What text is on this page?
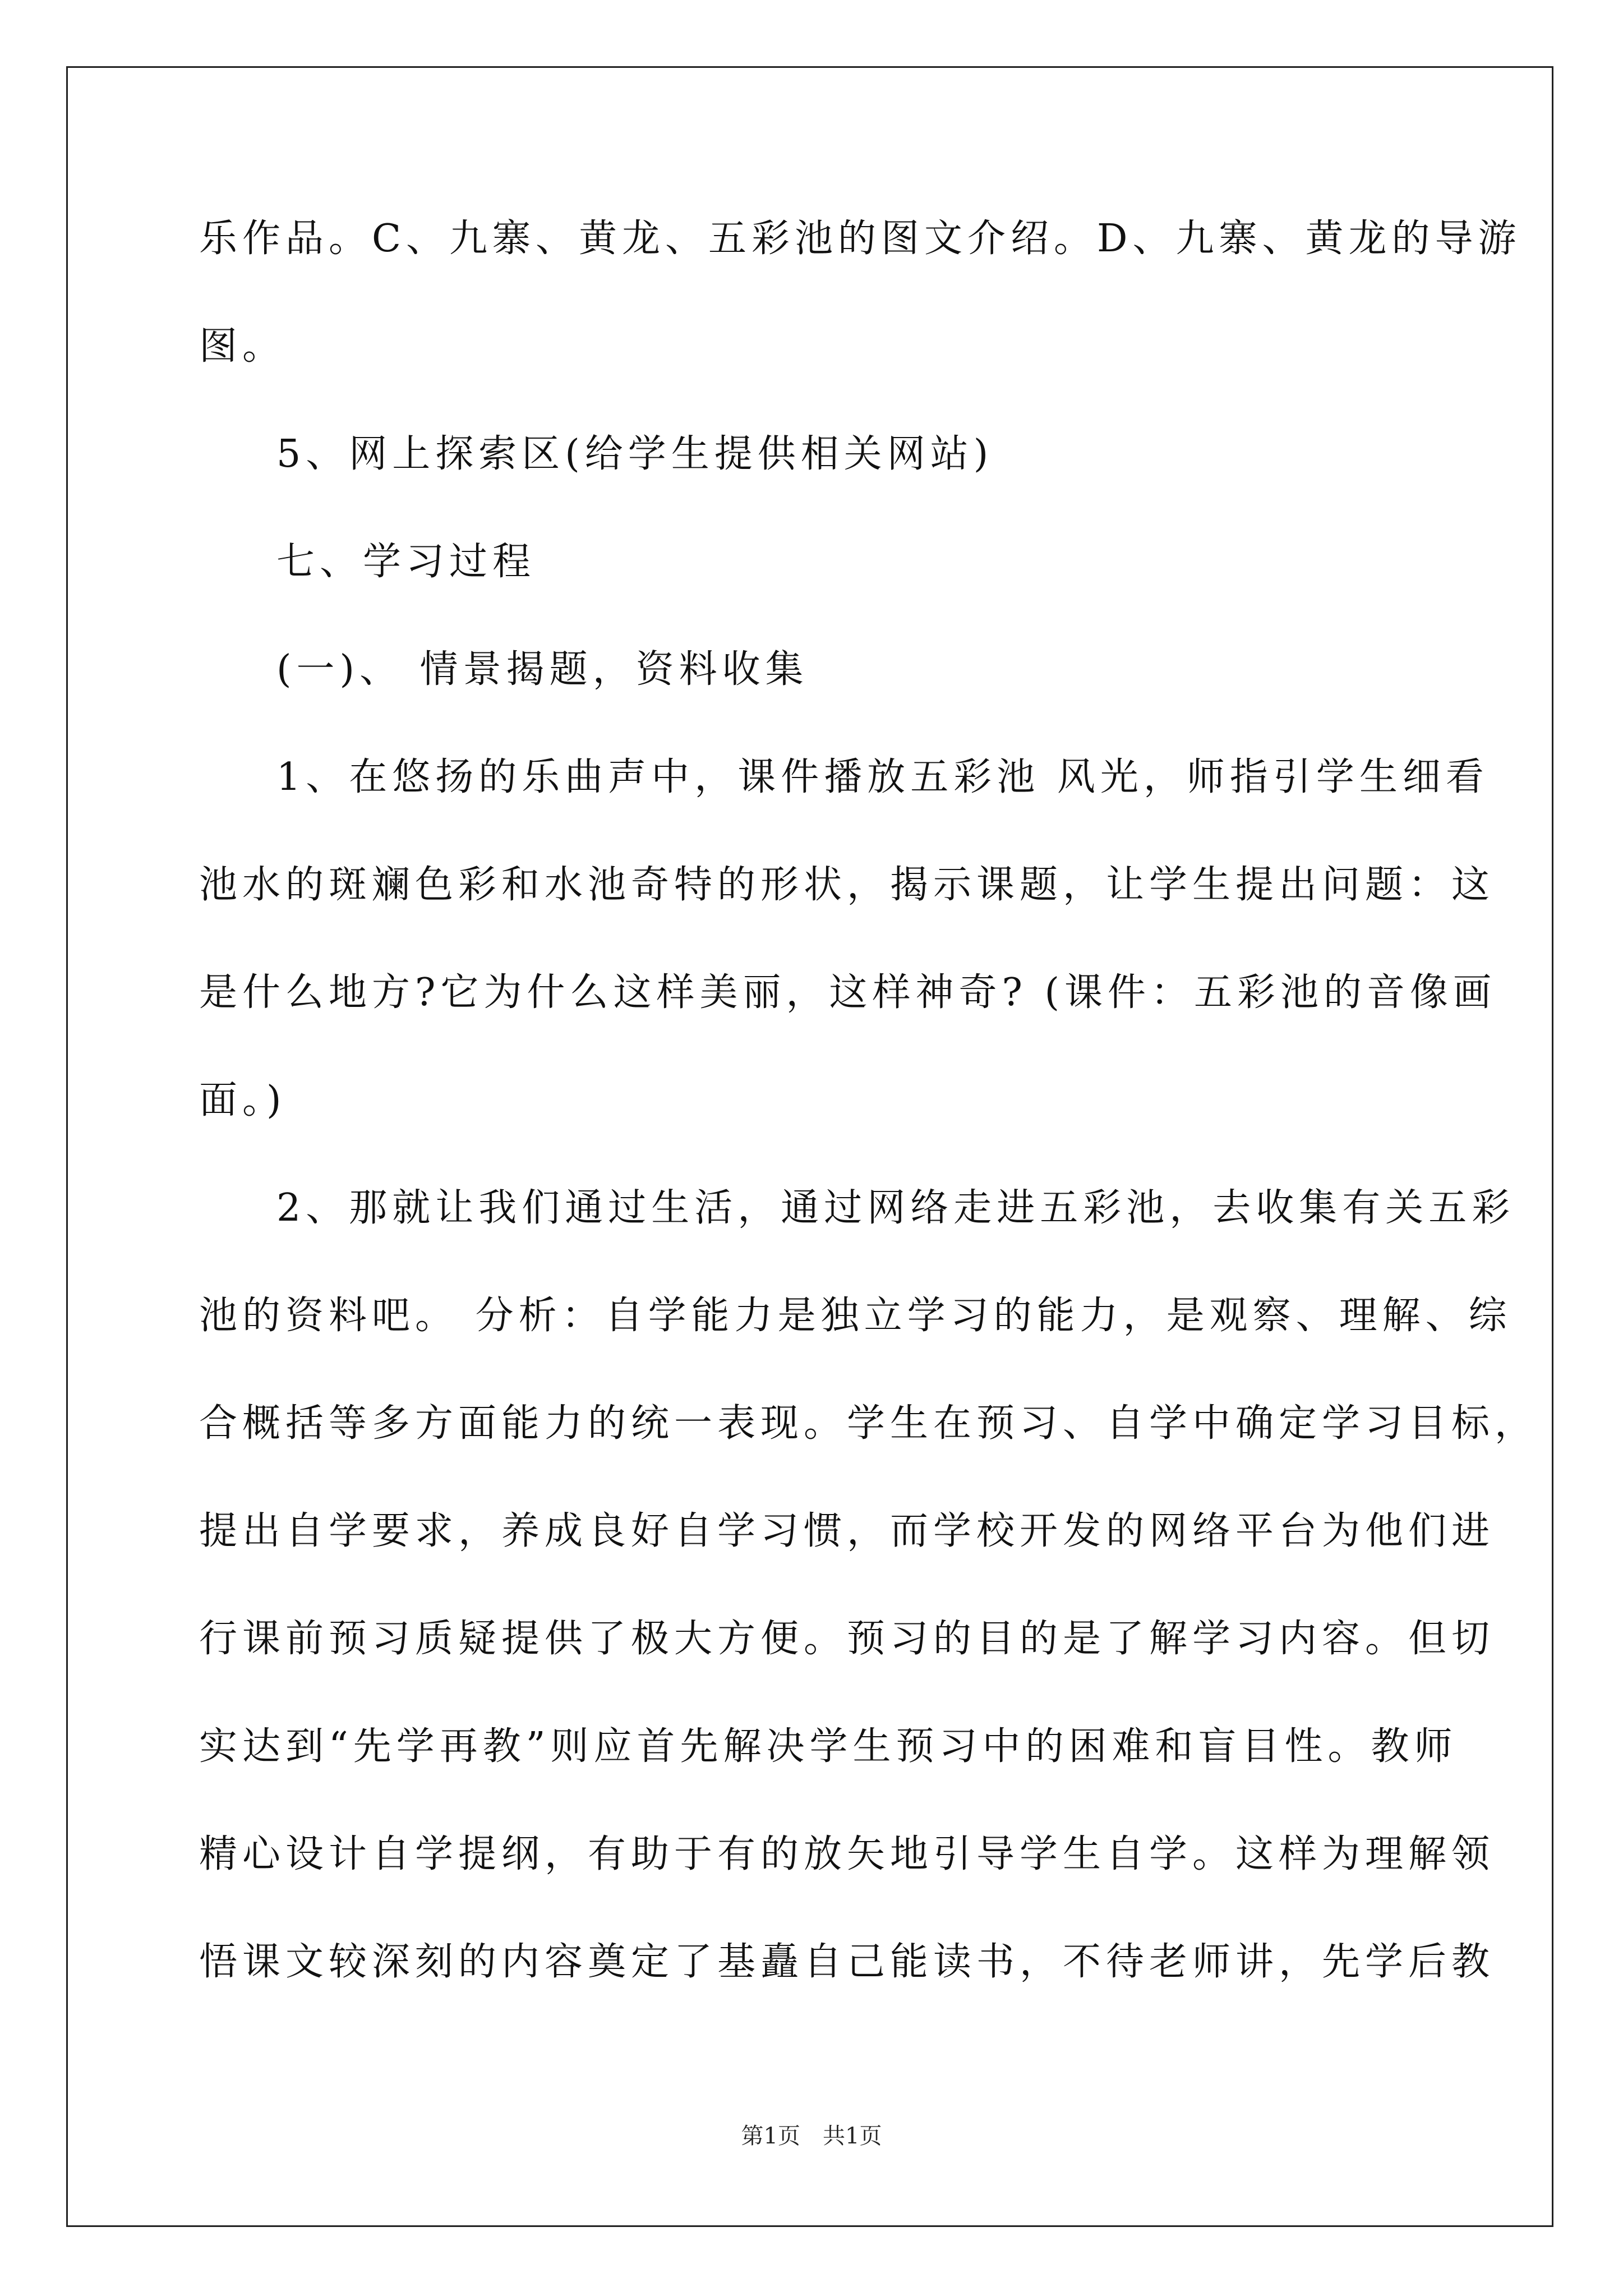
乐作品。C、九寨、黄龙、五彩池的图文介绍。D、九寨、黄龙的导游
图。
5、网上探索区(给学生提供相关网站)
七、学习过程
(一)、 情景揭题，资料收集
1、在悠扬的乐曲声中，课件播放五彩池 风光，师指引学生细看
池水的斑斓色彩和水池奇特的形状，揭示课题，让学生提出问题：这
是什么地方?它为什么这样美丽，这样神奇? (课件：五彩池的音像画
面。)
2、那就让我们通过生活，通过网络走进五彩池，去收集有关五彩
池的资料吧。 分析：自学能力是独立学习的能力，是观察、理解、综
合概括等多方面能力的统一表现。学生在预习、自学中确定学习目标，
提出自学要求，养成良好自学习惯，而学校开发的网络平台为他们进
行课前预习质疑提供了极大方便。预习的目的是了解学习内容。但切
实达到“先学再教”则应首先解决学生预习中的困难和盲目性。教师
精心设计自学提纲，有助于有的放矢地引导学生自学。这样为理解领
悟课文较深刻的内容奠定了基矗自己能读书，不待老师讲，先学后教
第1页　共1页
